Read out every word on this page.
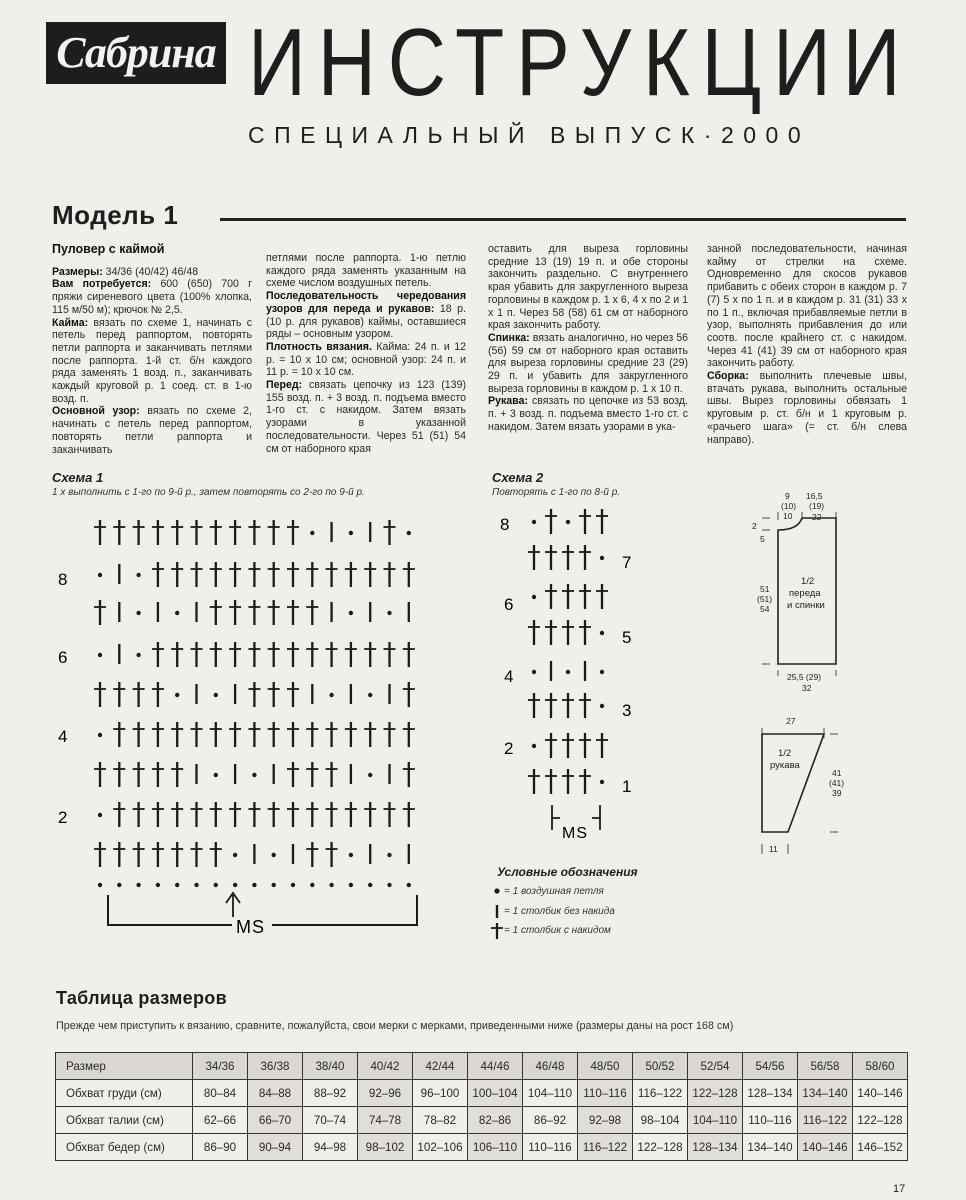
Сабрина ИНСТРУКЦИИ
СПЕЦИАЛЬНЫЙ ВЫПУСК·2000
Модель 1

Пуловер с каймой

Размеры: 34/36 (40/42) 46/48

Вам потребуется: 600 (650) 700 г пряжи сиреневого цвета (100% хлопка, 115 м/50 м); крючок № 2,5.

Кайма: вязать по схеме 1, начинать с петель перед раппортом, повторять петли раппорта и заканчивать петлями после раппорта. 1-й ст. б/н каждого ряда заменять 1 возд. п., заканчивать каждый круговой р. 1 соед. ст. в 1-ю возд. п.

Основной узор: вязать по схеме 2, начинать с петель перед раппортом, повторять петли раппорта и заканчивать

петлями после раппорта. 1-ю петлю каждого ряда заменять указанным на схеме числом воздушных петель.

Последовательность чередования узоров для переда и рукавов: 18 р. (10 р. для рукавов) каймы, оставшиеся ряды – основным узором.

Плотность вязания. Кайма: 24 п. и 12 р. = 10 х 10 см; основной узор: 24 п. и 11 р. = 10 х 10 см.

Перед: связать цепочку из 123 (139) 155 возд. п. + 3 возд. п. подъема вместо 1-го ст. с накидом. Затем вязать узорами в указанной последовательности. Через 51 (51) 54 см от наборного края

оставить для выреза горловины средние 13 (19) 19 п. и обе стороны закончить раздельно. С внутреннего края убавить для закругленного выреза горловины в каждом р. 1 х 6, 4 х по 2 и 1 х 1 п. Через 58 (58) 61 см от наборного края закончить работу.

Спинка: вязать аналогично, но через 56 (56) 59 см от наборного края оставить для выреза горловины средние 23 (29) 29 п. и убавить для закругленного выреза горловины в каждом р. 1 х 10 п.

Рукава: связать по цепочке из 53 возд. п. + 3 возд. п. подъема вместо 1-го ст. с накидом. Затем вязать узорами в ука-

занной последовательности, начиная кайму от стрелки на схеме. Одновременно для скосов рукавов прибавить с обеих сторон в каждом р. 7 (7) 5 х по 1 п. и в каждом р. 31 (31) 33 х по 1 п., включая прибавляемые петли в узор, выполнять прибавления до или соотв. после крайнего ст. с накидом. Через 41 (41) 39 см от наборного края закончить работу.

Сборка: выполнить плечевые швы, втачать рукава, выполнить остальные швы. Вырез горловины обвязать 1 круговым р. ст. б/н и 1 круговым р. «рачьего шага» (= ст. б/н слева направо).

Схема 1
1 х выполнить с 1-го по 9-й р., затем повторять со 2-го по 9-й р.
8
6
4
2
MS
Схема 2
Повторять с 1-го по 8-й р.
8
6
4
2
7
5
3
1
MS
9
(10)
10
16,5
(19)
22
2
5
51
(51)
54
1/2
переда
и спинки
25,5 (29)
32
27
1/2
рукава
41
(41)
39
11
Условные обозначения
= 1 воздушная петля
= 1 столбик без накида
= 1 столбик с накидом
Таблица размеров
Прежде чем приступить к вязанию, сравните, пожалуйста, свои мерки с мерками, приведенными ниже (размеры даны на рост 168 см)
Размер	34/36	36/38	38/40	40/42	42/44	44/46	46/48	48/50	50/52	52/54	54/56	56/58	58/60
Обхват груди (см)	80–84	84–88	88–92	92–96	96–100	100–104	104–110	110–116	116–122	122–128	128–134	134–140	140–146
Обхват талии (см)	62–66	66–70	70–74	74–78	78–82	82–86	86–92	92–98	98–104	104–110	110–116	116–122	122–128
Обхват бедер (см)	86–90	90–94	94–98	98–102	102–106	106–110	110–116	116–122	122–128	128–134	134–140	140–146	146–152
17
